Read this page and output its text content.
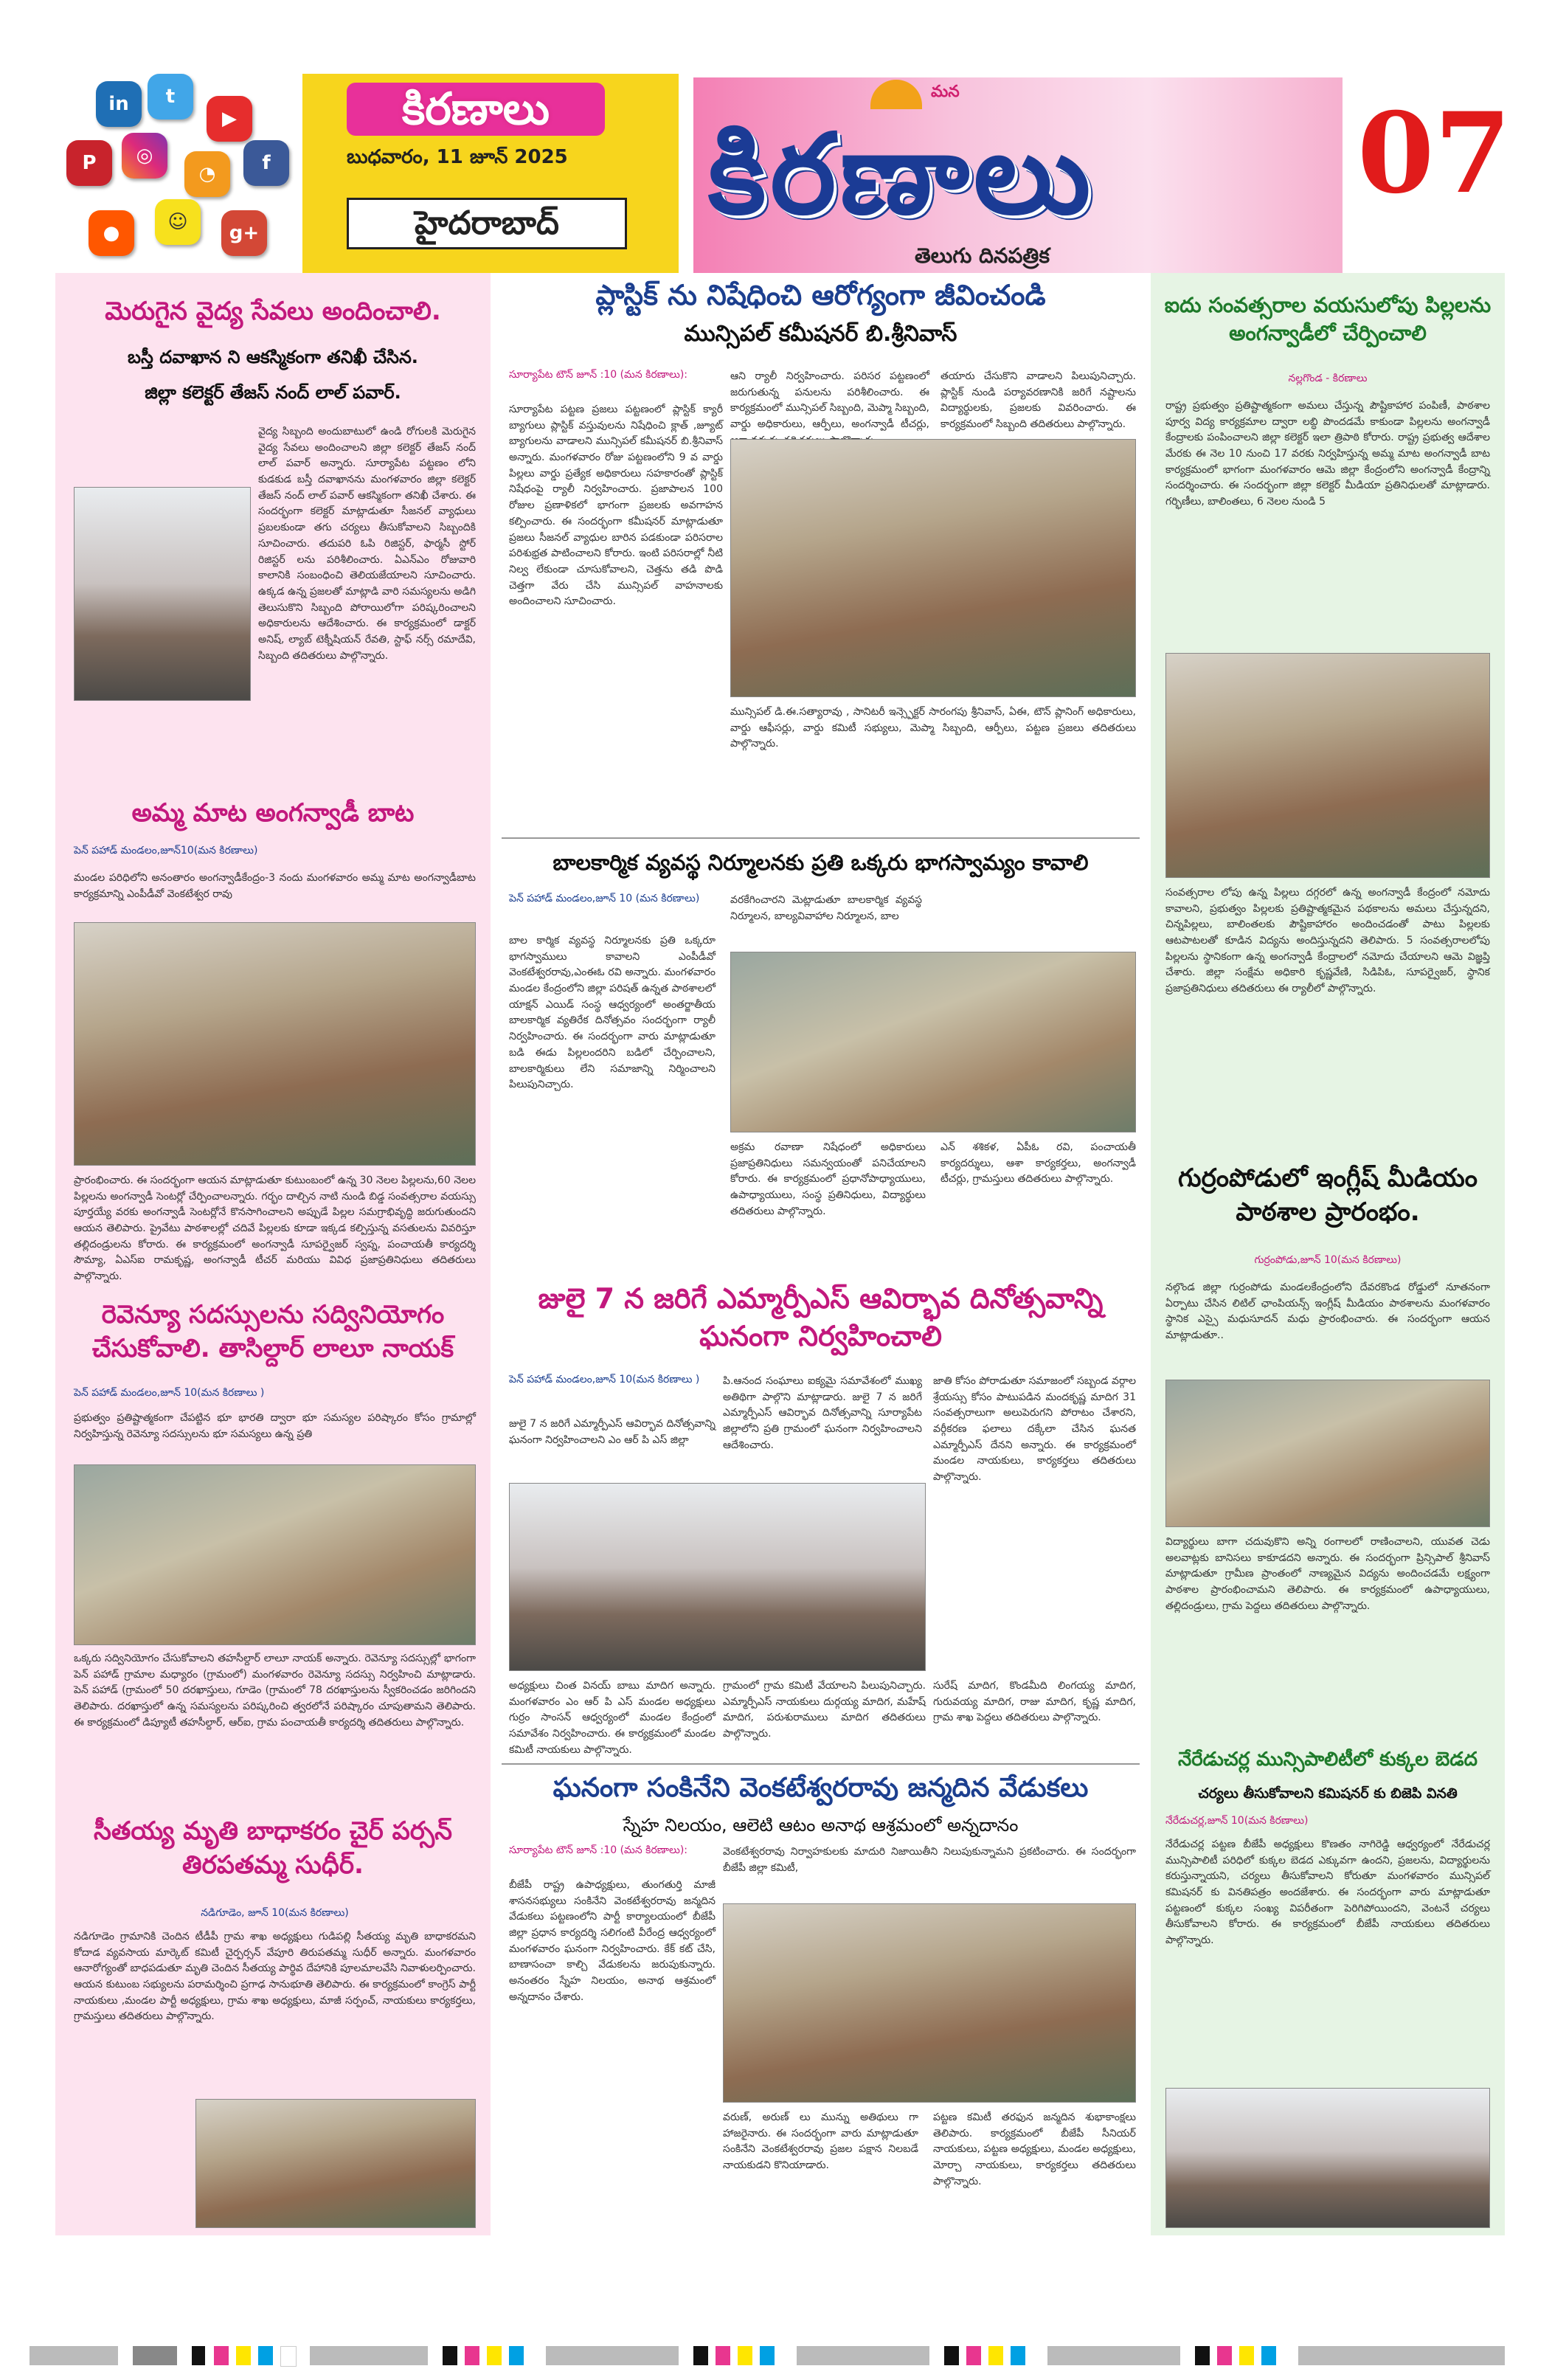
in	t
▶
P	◎
◔	f
☺
●	g+
కిరణాలు
బుధవారం, 11 జూన్ 2025
హైదరాబాద్
మన
కిరణాలు
తెలుగు దినపత్రిక
07
మెరుగైన వైద్య సేవలు అందించాలి.
బస్తీ దవాఖాన ని ఆకస్మికంగా తనిఖీ చేసిన.
జిల్లా కలెక్టర్ తేజస్ నంద్ లాల్ పవార్.
వైద్య సిబ్బంది అందుబాటులో ఉండి రోగులకి మెరుగైన వైద్య సేవలు అందించాలని జిల్లా కలెక్టర్ తేజస్ నంద్ లాల్ పవార్ అన్నారు. సూర్యాపేట పట్టణం లోని కుడకుడ బస్తీ దవాఖానను మంగళవారం జిల్లా కలెక్టర్ తేజస్ నంద్ లాల్ పవార్ ఆకస్మికంగా తనిఖీ చేశారు. ఈ సందర్భంగా కలెక్టర్ మాట్లాడుతూ సీజనల్ వ్యాధులు ప్రబలకుండా తగు చర్యలు తీసుకోవాలని సిబ్బందికి సూచించారు. తదుపరి ఓపి రిజిస్టర్, ఫార్మసీ స్టోర్ రిజిస్టర్ లను పరిశీలించారు. ఏఎన్ఎం రోజువారి కాలానికి సంబంధించి తెలియజేయాలని సూచించారు. ఉక్కడ ఉన్న ప్రజలతో మాట్లాడి వారి సమస్యలను అడిగి తెలుసుకొని సిబ్బంది పోరాయిలోగా పరిష్కరించాలని అధికారులను ఆదేశించారు. ఈ కార్యక్రమంలో డాక్టర్ అనిష్, ల్యాబ్ టెక్నీషియన్ రేవతి, స్టాఫ్ నర్స్ రమాదేవి, సిబ్బంది తదితరులు పాల్గొన్నారు.
అమ్మ మాట అంగన్వాడీ బాట
పెన్ పహాడ్ మండలం,జూన్10(మన కిరణాలు)
మండల పరిధిలోని అనంతారం అంగన్వాడీకేంద్రం-3 నందు మంగళవారం అమ్మ మాట అంగన్వాడీబాట కార్యక్రమాన్ని ఎంపీడీవో వెంకటేశ్వర రావు
ప్రారంభించారు. ఈ సందర్భంగా ఆయన మాట్లాడుతూ కుటుంబంలో ఉన్న 30 నెలల పిల్లలను,60 నెలల పిల్లలను అంగన్వాడీ సెంటర్లో చేర్పించాలన్నారు. గర్భం దాల్చిన నాటి నుండి బిడ్డ సంవత్సరాల వయస్సు పూర్తయ్యే వరకు అంగన్వాడీ సెంటర్లోనే కొనసాగించాలని అప్పుడే పిల్లల సమగ్రాభివృద్ధి జరుగుతుందని ఆయన తెలిపారు. ప్రైవేటు పాఠశాలల్లో చదివే పిల్లలకు కూడా ఇక్కడ కల్పిస్తున్న వసతులను వివరిస్తూ తల్లిదండ్రులను కోరారు. ఈ కార్యక్రమంలో అంగన్వాడీ సూపర్వైజర్ స్వప్న, పంచాయతీ కార్యదర్శి సౌమ్యా, ఏఎస్ఐ రామకృష్ణ, అంగన్వాడీ టీచర్ మరియు వివిధ ప్రజాప్రతినిధులు తదితరులు పాల్గొన్నారు.
రెవెన్యూ సదస్సులను సద్వినియోగం చేసుకోవాలి. తాసిల్దార్ లాలూ నాయక్
పెన్ పహాడ్ మండలం,జూన్ 10(మన కిరణాలు )
ప్రభుత్వం ప్రతిష్టాత్మకంగా చేపట్టిన భూ భారతి ద్వారా భూ సమస్యల పరిష్కారం కోసం గ్రామాల్లో నిర్వహిస్తున్న రెవెన్యూ సదస్సులను భూ సమస్యలు ఉన్న ప్రతి
ఒక్కరు సద్వినియోగం చేసుకోవాలని తహసీల్దార్ లాలూ నాయక్ అన్నారు. రెవెన్యూ సదస్సుల్లో భాగంగా పెన్ పహాడ్ గ్రామాల మధ్యారం (గ్రామంలో) మంగళవారం రెవెన్యూ సదస్సు నిర్వహించి మాట్లాడారు. పెన్ పహాడ్ (గ్రామంలో 50 దరఖాస్తులు, గూడెం (గ్రామంలో 78 దరఖాస్తులను స్వీకరించడం జరిగిందని తెలిపారు. దరఖాస్తులో ఉన్న సమస్యలను పరిష్కరించి త్వరలోనే పరిష్కారం చూపుతామని తెలిపారు. ఈ కార్యక్రమంలో డిప్యూటీ తహసీల్దార్, ఆర్ఐ, గ్రామ పంచాయతీ కార్యదర్శి తదితరులు పాల్గొన్నారు.
సీతయ్య మృతి బాధాకరం చైర్ పర్సన్ తిరపతమ్మ సుధీర్.
నడిగూడెం, జూన్ 10(మన కిరణాలు)
నడిగూడెం గ్రామానికి చెందిన టీడీపీ గ్రామ శాఖ అధ్యక్షులు గుడిపల్లి సీతయ్య మృతి బాధాకరమని కోదాడ వ్యవసాయ మార్కెట్ కమిటీ చైర్పర్సన్ వేపూరి తిరుపతమ్మ సుధీర్ అన్నారు. మంగళవారం ఆనారోగ్యంతో బాధపడుతూ మృతి చెందిన సీతయ్య పార్థివ దేహానికి పూలమాలవేసి నివాళులర్పించారు. ఆయన కుటుంబ సభ్యులను పరామర్శించి ప్రగాఢ సానుభూతి తెలిపారు. ఈ కార్యక్రమంలో కాంగ్రెస్ పార్టీ నాయకులు ,మండల పార్టీ అధ్యక్షులు, గ్రామ శాఖ అధ్యక్షులు, మాజీ సర్పంచ్, నాయకులు కార్యకర్తలు, గ్రామస్తులు తదితరులు పాల్గొన్నారు.
ప్లాస్టిక్ ను నిషేధించి ఆరోగ్యంగా జీవించండి
మున్సిపల్ కమీషనర్ బి.శ్రీనివాస్
సూర్యాపేట టౌన్ జూన్ :10 (మన కిరణాలు):
సూర్యాపేట పట్టణ ప్రజలు పట్టణంలో ప్లాస్టిక్ క్యారీ బ్యాగులు ప్లాస్టిక్ వస్తువులను నిషేధించి క్లాత్ ,జ్యూట్ బ్యాగులను వాడాలని మున్సిపల్ కమీషనర్ బి.శ్రీనివాస్ అన్నారు. మంగళవారం రోజు పట్టణంలోని 9 వ వార్డు పిల్లలు వార్డు ప్రత్యేక అధికారులు సహకారంతో ప్లాస్టిక్ నిషేధంపై ర్యాలీ నిర్వహించారు. ప్రజాపాలన 100 రోజుల ప్రణాళికలో భాగంగా ప్రజలకు అవగాహన కల్పించారు. ఈ సందర్భంగా కమీషనర్ మాట్లాడుతూ ప్రజలు సీజనల్ వ్యాధుల బారిన పడకుండా పరిసరాల పరిశుభ్రత పాటించాలని కోరారు. ఇంటి పరిసరాల్లో నీటి నిల్వ లేకుండా చూసుకోవాలని, చెత్తను తడి పొడి చెత్తగా వేరు చేసి మున్సిపల్ వాహనాలకు అందించాలని సూచించారు.
ఆని ర్యాలీ నిర్వహించారు. పరిసర పట్టణంలో జరుగుతున్న పనులను పరిశీలించారు. ఈ కార్యక్రమంలో మున్సిపల్ సిబ్బంది, మెప్మా సిబ్బంది, వార్డు అధికారులు, ఆర్పీలు, అంగన్వాడీ టీచర్లు,
తయారు చేసుకొని వాడాలని పిలుపునిచ్చారు. ప్లాస్టిక్ నుండి పర్యావరణానికి జరిగే నష్టాలను విద్యార్థులకు, ప్రజలకు వివరించారు. ఈ కార్యక్రమంలో సిబ్బంది తదితరులు పాల్గొన్నారు.
మున్సిపల్ డి.ఈ.సత్యారావు , సానిటరీ ఇన్స్పెక్టర్ సారంగపు శ్రీనివాస్, ఏఈ, టౌన్ ప్లానింగ్ అధికారులు, వార్డు ఆఫీసర్లు, వార్డు కమిటీ సభ్యులు, మెప్మా సిబ్బంది, ఆర్పీలు, పట్టణ ప్రజలు తదితరులు పాల్గొన్నారు.
బాలకార్మిక వ్యవస్థ నిర్మూలనకు ప్రతి ఒక్కరు భాగస్వామ్యం కావాలి
పెన్ పహాడ్ మండలం,జూన్ 10 (మన కిరణాలు)
బాల కార్మిక వ్యవస్థ నిర్మూలనకు ప్రతి ఒక్కరూ భాగస్వాములు కావాలని ఎంపీడీవో వెంకటేశ్వరరావు,ఎంఈఓ రవి అన్నారు. మంగళవారం మండల కేంద్రంలోని జిల్లా పరిషత్ ఉన్నత పాఠశాలలో యాక్షన్ ఎయిడ్ సంస్థ ఆధ్వర్యంలో అంతర్జాతీయ బాలకార్మిక వ్యతిరేక దినోత్సవం సందర్భంగా ర్యాలీ నిర్వహించారు. ఈ సందర్భంగా వారు మాట్లాడుతూ బడి ఈడు పిల్లలందరిని బడిలో చేర్పించాలని, బాలకార్మికులు లేని సమాజాన్ని నిర్మించాలని పిలుపునిచ్చారు.
వరకేగించారని మెట్లాడుతూ బాలకార్మిక వ్యవస్థ నిర్మూలన, బాల్యవివాహాల నిర్మూలన, బాల
అక్రమ రవాణా నిషేధంలో అధికారులు ప్రజాప్రతినిధులు సమన్వయంతో పనిచేయాలని కోరారు. ఈ కార్యక్రమంలో ప్రధానోపాధ్యాయులు, ఉపాధ్యాయులు, సంస్థ ప్రతినిధులు, విద్యార్థులు తదితరులు పాల్గొన్నారు.
ఎన్ శశికళ, ఏపీఓ రవి, పంచాయతీ కార్యదర్శులు, ఆశా కార్యకర్తలు, అంగన్వాడీ టీచర్లు, గ్రామస్తులు తదితరులు పాల్గొన్నారు.
జులై 7 న జరిగే ఎమ్మార్పీఎస్ ఆవిర్భావ దినోత్సవాన్ని ఘనంగా నిర్వహించాలి
పెన్ పహాడ్ మండలం,జూన్ 10(మన కిరణాలు )
జులై 7 న జరిగే ఎమ్మార్పీఎస్ ఆవిర్భావ దినోత్సవాన్ని ఘనంగా నిర్వహించాలని ఎం ఆర్ పి ఎస్ జిల్లా
పి.ఆనంద సంఘాలు ఐక్యమై సమావేశంలో ముఖ్య అతిథిగా పాల్గొని మాట్లాడారు. జులై 7 న జరిగే ఎమ్మార్పీఎస్ ఆవిర్భావ దినోత్సవాన్ని సూర్యాపేట జిల్లాలోని ప్రతి గ్రామంలో ఘనంగా నిర్వహించాలని ఆదేశించారు.
జాతి కోసం పోరాడుతూ సమాజంలో సబ్బండ వర్గాల శ్రేయస్సు కోసం పాటుపడిన మందకృష్ణ మాదిగ 31 సంవత్సరాలుగా అలుపెరుగని పోరాటం చేశారని, వర్గీకరణ ఫలాలు దక్కేలా చేసిన ఘనత ఎమ్మార్పీఎస్ దేనని అన్నారు. ఈ కార్యక్రమంలో మండల నాయకులు, కార్యకర్తలు తదితరులు పాల్గొన్నారు.
అధ్యక్షులు చింత వినయ్ బాబు మాదిగ అన్నారు. మంగళవారం ఎం ఆర్ పి ఎస్ మండల అధ్యక్షులు గుర్రం సాంసన్ ఆధ్వర్యంలో మండల కేంద్రంలో సమావేశం నిర్వహించారు. ఈ కార్యక్రమంలో మండల కమిటీ నాయకులు పాల్గొన్నారు.
గ్రామంలో గ్రామ కమిటీ వేయాలని పిలుపునిచ్చారు. ఎమ్మార్పీఎస్ నాయకులు దుర్గయ్య మాదిగ, మహేష్ మాదిగ, పరుశురాములు మాదిగ తదితరులు పాల్గొన్నారు.
సురేష్ మాదిగ, కొండమీది లింగయ్య మాదిగ, గురువయ్య మాదిగ, రాజు మాదిగ, కృష్ణ మాదిగ, గ్రామ శాఖ పెద్దలు తదితరులు పాల్గొన్నారు.
ఘనంగా సంకినేని వెంకటేశ్వరరావు జన్మదిన వేడుకలు
స్నేహ నిలయం, ఆలెటి ఆటం అనాథ ఆశ్రమంలో అన్నదానం
సూర్యాపేట టౌన్ జూన్ :10 (మన కిరణాలు):
బీజేపీ రాష్ట్ర ఉపాధ్యక్షులు, తుంగతుర్తి మాజీ శాసనసభ్యులు సంకినేని వెంకటేశ్వరరావు జన్మదిన వేడుకలు పట్టణంలోని పార్టీ కార్యాలయంలో బీజేపీ జిల్లా ప్రధాన కార్యదర్శి సలిగంటి వీరేంద్ర ఆధ్వర్యంలో మంగళవారం ఘనంగా నిర్వహించారు. కేక్ కట్ చేసి, బాణాసంచా కాల్చి వేడుకలను జరుపుకున్నారు. అనంతరం స్నేహ నిలయం, అనాథ ఆశ్రమంలో అన్నదానం చేశారు.
వెంకటేశ్వరరావు నిర్వాహకులకు మాదురి నిజాయితీని నిలుపుకున్నామని ప్రకటించారు. ఈ సందర్భంగా బీజేపీ జిల్లా కమిటీ,
వరుణ్, అరుణ్ లు మున్ను అతిథులు గా హాజరైనారు. ఈ సందర్భంగా వారు మాట్లాడుతూ సంకినేని వెంకటేశ్వరరావు ప్రజల పక్షాన నిలబడే నాయకుడని కొనియాడారు.
పట్టణ కమిటీ తరఫున జన్మదిన శుభాకాంక్షలు తెలిపారు. కార్యక్రమంలో బీజేపీ సీనియర్ నాయకులు, పట్టణ అధ్యక్షులు, మండల అధ్యక్షులు, మోర్చా నాయకులు, కార్యకర్తలు తదితరులు పాల్గొన్నారు.
ఐదు సంవత్సరాల వయసులోపు పిల్లలను అంగన్వాడీలో చేర్పించాలి
నల్లగొండ - కిరణాలు
రాష్ట్ర ప్రభుత్వం ప్రతిష్టాత్మకంగా అమలు చేస్తున్న పౌష్టికాహార పంపిణీ, పాఠశాల పూర్వ విద్య కార్యక్రమాల ద్వారా లబ్ధి పొందడమే కాకుండా పిల్లలను అంగన్వాడీ కేంద్రాలకు పంపించాలని జిల్లా కలెక్టర్ ఇలా త్రిపాఠి కోరారు. రాష్ట్ర ప్రభుత్వ ఆదేశాల మేరకు ఈ నెల 10 నుంచి 17 వరకు నిర్వహిస్తున్న అమ్మ మాట అంగన్వాడీ బాట కార్యక్రమంలో భాగంగా మంగళవారం ఆమె జిల్లా కేంద్రంలోని అంగన్వాడీ కేంద్రాన్ని సందర్శించారు. ఈ సందర్భంగా జిల్లా కలెక్టర్ మీడియా ప్రతినిధులతో మాట్లాడారు. గర్భిణీలు, బాలింతలు, 6 నెలల నుండి 5
సంవత్సరాల లోపు ఉన్న పిల్లలు దగ్గరలో ఉన్న అంగన్వాడీ కేంద్రంలో నమోదు కావాలని, ప్రభుత్వం పిల్లలకు ప్రతిష్టాత్మకమైన పథకాలను అమలు చేస్తున్నదని, చిన్నపిల్లలు, బాలింతలకు పౌష్టికాహారం అందించడంతో పాటు పిల్లలకు ఆటపాటలతో కూడిన విద్యను అందిస్తున్నదని తెలిపారు. 5 సంవత్సరాలలోపు పిల్లలను స్థానికంగా ఉన్న అంగన్వాడీ కేంద్రాలలో నమోదు చేయాలని ఆమె విజ్ఞప్తి చేశారు. జిల్లా సంక్షేమ అధికారి కృష్ణవేణి, సిడిపిఓ, సూపర్వైజర్, స్థానిక ప్రజాప్రతినిధులు తదితరులు ఈ ర్యాలీలో పాల్గొన్నారు.
గుర్రంపోడులో ఇంగ్లీష్ మీడియం పాఠశాల ప్రారంభం.
గుర్రంపోడు,జూన్ 10(మన కిరణాలు)
నల్గొండ జిల్లా గుర్రంపోడు మండలకేంద్రంలోని దేవరకొండ రోడ్డులో నూతనంగా ఏర్పాటు చేసిన లిటిల్ ఛాంపియన్స్ ఇంగ్లీష్ మీడియం పాఠశాలను మంగళవారం స్థానిక ఎస్సై మధుసూదన్ మధు ప్రారంభించారు. ఈ సందర్భంగా ఆయన మాట్లాడుతూ..
విద్యార్థులు బాగా చదువుకొని అన్ని రంగాలలో రాణించాలని, యువత చెడు అలవాట్లకు బానిసలు కాకూడదని అన్నారు. ఈ సందర్భంగా ప్రిన్సిపాల్ శ్రీనివాస్ మాట్లాడుతూ గ్రామీణ ప్రాంతంలో నాణ్యమైన విద్యను అందించడమే లక్ష్యంగా పాఠశాల ప్రారంభించామని తెలిపారు. ఈ కార్యక్రమంలో ఉపాధ్యాయులు, తల్లిదండ్రులు, గ్రామ పెద్దలు తదితరులు పాల్గొన్నారు.
నేరేడుచర్ల మున్సిపాలిటీలో కుక్కల బెడద
చర్యలు తీసుకోవాలని కమిషనర్ కు బిజెపి వినతి
నేరేడుచర్ల,జూన్ 10(మన కిరణాలు)
నేరేడుచర్ల పట్టణ బీజేపీ అధ్యక్షులు కొణతం నాగిరెడ్డి ఆధ్వర్యంలో నేరేడుచర్ల మున్సిపాలిటీ పరిధిలో కుక్కల బెడద ఎక్కువగా ఉందని, ప్రజలను, విద్యార్థులను కరుస్తున్నాయని, చర్యలు తీసుకోవాలని కోరుతూ మంగళవారం మున్సిపల్ కమిషనర్ కు వినతిపత్రం అందజేశారు. ఈ సందర్భంగా వారు మాట్లాడుతూ పట్టణంలో కుక్కల సంఖ్య విపరీతంగా పెరిగిపోయిందని, వెంటనే చర్యలు తీసుకోవాలని కోరారు. ఈ కార్యక్రమంలో బీజేపీ నాయకులు తదితరులు పాల్గొన్నారు.
